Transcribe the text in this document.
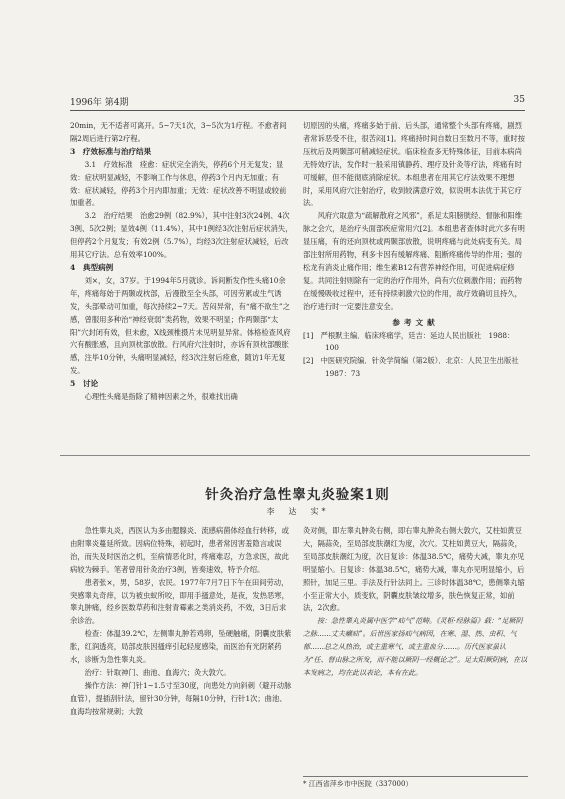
1996年 第4期	35

20min，无不适者可离开。5~7天1次，3~5次为1疗程。不愈者间隔2周后进行第2疗程。

3　疗效标准与治疗结果

3.1　疗效标准　痊愈：症状完全消失，停药6个月无复发；显效：症状明显减轻，不影响工作与休息，停药3个月内无加重；有效：症状减轻，停药3个月内即加重；无效：症状改善不明显或较前加重者。

3.2　治疗结果　治愈29例（82.9%），其中注射3次24例、4次3例、5次2例；显效4例（11.4%），其中1例经3次注射后症状消失，但停药2个月复发；有效2例（5.7%），均经3次注射症状减轻，后改用其它疗法。总有效率100%。

4　典型病例

刘×，女，37岁。于1994年5月就诊。诉间断发作性头痛10余年，疼痛每始于两颞或枕部，后漫散至全头部，可因劳累或生气诱发，头部晕动可加重，每次持续2~7天。苦闷异常，有“痛不欲生”之感，曾服用多种治“神经衰弱”类药物，效果不明显；作两颞部“太阳”穴封闭有效，但未愈，X线颈椎摄片未见明显异常。体格检查风府穴有酸胀感，且向顶枕部放散。行风府穴注射时，亦诉有顶枕部酸胀感，注毕10分钟，头痛明显减轻，经3次注射后痊愈，随访1年无复发。

5　讨论

心理性头痛是指除了精神因素之外，很难找出确

切原因的头痛，疼痛多始于前、后头部，通常整个头部有疼痛，剧烈者常诉恶受不住，很苦闷[1]。疼痛持时间自数日至数月不等，重时按压枕后及两颞部可稍减轻症状。临床检查多无特殊体征，目前本病尚无特效疗法，发作时一般采用镇静药、理疗及针灸等疗法，疼痛有时可缓解，但不能彻底消除症状。本组患者在用其它疗法效果不理想时，采用风府穴注射治疗，收到较满意疗效，似说明本法优于其它疗法。

风府穴取意为“疏解散府之风邪”，系足太阳膀胱经、督脉和阳维脉之会穴，是治疗头面部疾症常用穴[2]。本组患者查体时此穴多有明显压痛，有的还向顶枕或两颞部放散，说明疼痛与此处病变有关。局部注射所用药物，利多卡因有缓解疼痛、阻断疼痛传导的作用；强的松龙有消炎止痛作用；维生素B12有营养神经作用，可促进病症修复。共同注射则除有一定的治疗作用外，尚有穴位刺激作用；而药物在缓慢吸收过程中，还有持续刺激穴位的作用，故疗效确切且持久，治疗进行时一定要注意安全。

参考文献
[1]　严根默主编．临床疼痛学，廷吉：延边人民出版社　1988：100
[2]　中医研究院编．针灸学简编（第2版）．北京：人民卫生出版社　1987：73
针灸治疗急性睾丸炎验案1则
李　达　实*

急性睾丸炎，西医认为多由腮腺炎、流感病菌体经血行转移，或由附睾炎蔓延所致。因病位特殊，初起时，患者常因害羞隐言或误治，而失及时医治之机，至病情恶化时，疼痛难忍，方急求医，故此病较为棘手。笔者曾用针灸治疗3例，皆奏速效，特予介绍。

患者张×，男，58岁，农民。1977年7月7日下午在田间劳动，突感睾丸奇痒，以为被虫蚁所咬，即用手搔意处，是夜，发热恶寒，睾丸肿痛，经乡医数草药和注射青霉素之类消炎药，不效，3日后求余诊治。

检查：体温39.2℃，左侧睾丸肿若鸡卵，坠硬触痛，阴囊皮肤紫胀，红润透亮，局部皮肤因搔痒引起轻度感染，而医治有光阴紧药水，诊断为急性睾丸炎。

治疗：针取神门、曲池、血海穴；灸大敦穴。

操作方法：神门针1~1.5寸至30度，向患处方向斜刺（避开动脉血管），提插刮针法，留针30分钟，每隔10分钟，行针1次；曲池、血海均按常规刺；大敦

灸对侧，即左睾丸肿灸右侧，即右睾丸肿灸右侧大敦穴，艾柱如黄豆大，隔蒜灸，至局部皮肤潮红为度，次穴。艾柱如黄豆大，隔蒜灸，至局部皮肤潮红为度，次日复诊：体温38.5℃，痛势大减，睾丸亦见明显缩小。日复诊：体温38.5℃，痛势大减，睾丸亦见明显缩小，后照针，加足三里。手法及行针法同上。三诊时体温38℃，患侧睾丸缩小至正常大小，质变软，阴囊皮肤皱纹增多，肤色恢复正常，如前法，2次愈。

按：急性睾丸炎属中医学“疝气”范畴。《灵枢·经脉篇》载：“足厥阴之脉……丈夫癞疝”。后世医家扬疝气病因，在寒、湿、热、虫积、气郁……总之从热治，或主重寒气、或主重血分……。历代医家虽认为“任、督由脉之所发，而不能以厥阴一经概论之”。足太阳厥阴病，在以本发病之，均在此以表论，本有在此。

* 江西省萍乡市中医院（337000）
